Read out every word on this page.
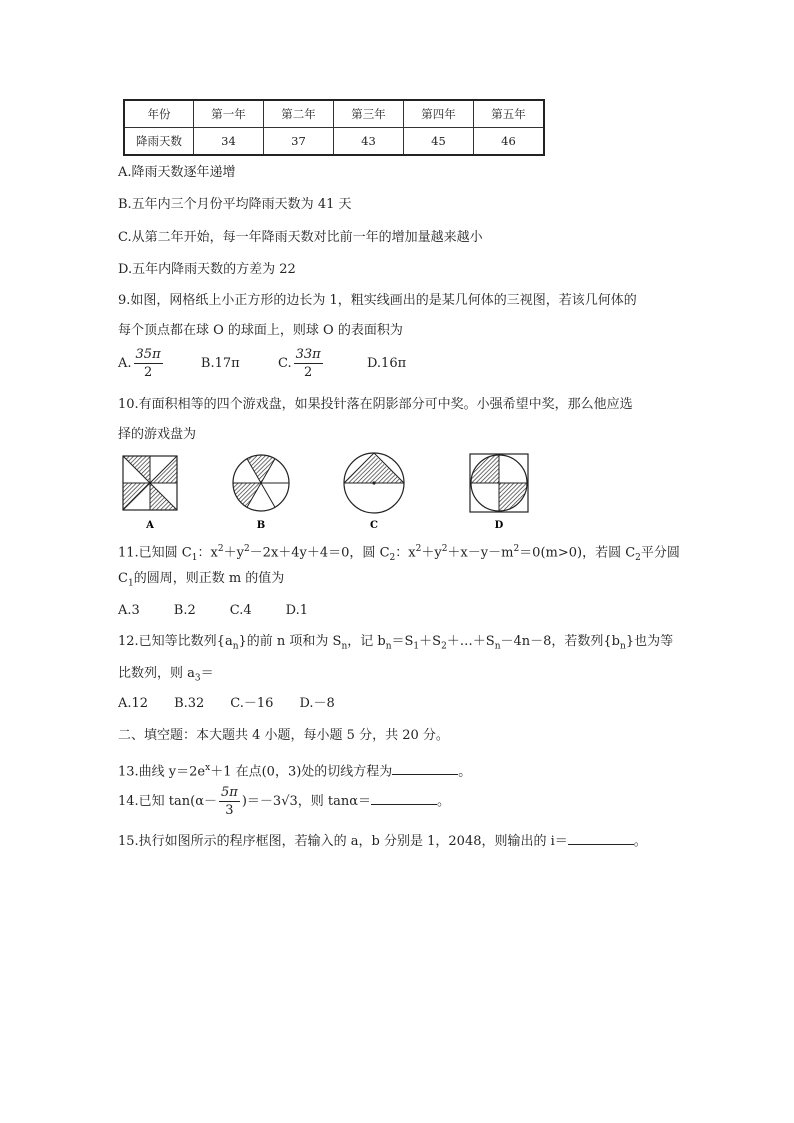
年份	第一年	第二年	第三年	第四年	第五年
降雨天数	34	37	43	45	46
A.降雨天数逐年递增
B.五年内三个月份平均降雨天数为 41 天
C.从第二年开始，每一年降雨天数对比前一年的增加量越来越小
D.五年内降雨天数的方差为 22
9.如图，网格纸上小正方形的边长为 1，粗实线画出的是某几何体的三视图，若该几何体的
每个顶点都在球 O 的球面上，则球 O 的表面积为
A. $\frac{35\pi}{2}$	B.17π	C. $\frac{33\pi}{2}$	D.16π
10.有面积相等的四个游戏盘，如果投针落在阴影部分可中奖。小强希望中奖，那么他应选
择的游戏盘为
A	B	C	D
11.已知圆 $C_1$：$x^2+y^2-2x+4y+4=0$，圆 $C_2$：$x^2+y^2+x-y-m^2=0(m>0)$，若圆 $C_2$平分圆
$C_1$的圆周，则正数 m 的值为
A.3	B.2	C.4	D.1
12.已知等比数列$\{a_n\}$的前 n 项和为 $S_n$，记 $b_n=S_1+S_2+\dots+S_n-4n-8$，若数列$\{b_n\}$也为等
比数列，则 $a_3=$
A.12 B.32 C.－16 D.－8
二、填空题：本大题共 4 小题，每小题 5 分，共 20 分。
13.曲线 $y=2e^x+1$ 在点(0，3)处的切线方程为	。
14.已知 $\tan(\alpha- \frac{5\pi}{3} )=-3√3$，则 tanα＝	。
15.执行如图所示的程序框图，若输入的 a，b 分别是 1，2048，则输出的 i＝	。
